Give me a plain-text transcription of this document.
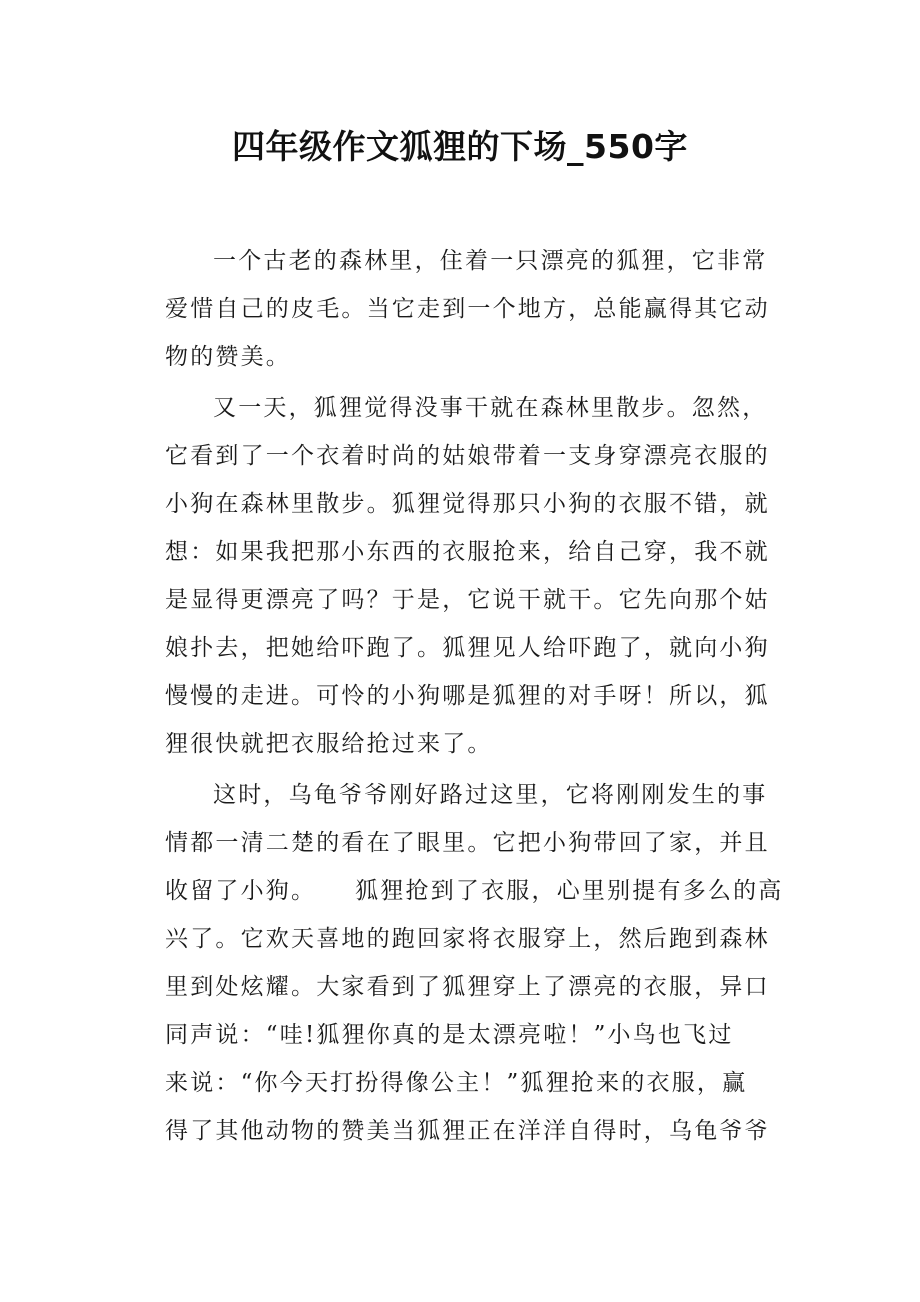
四年级作文狐狸的下场_550字
一个古老的森林里，住着一只漂亮的狐狸，它非常
爱惜自己的皮毛。当它走到一个地方，总能赢得其它动
物的赞美。
又一天，狐狸觉得没事干就在森林里散步。忽然，
它看到了一个衣着时尚的姑娘带着一支身穿漂亮衣服的
小狗在森林里散步。狐狸觉得那只小狗的衣服不错，就
想：如果我把那小东西的衣服抢来，给自己穿，我不就
是显得更漂亮了吗？于是，它说干就干。它先向那个姑
娘扑去，把她给吓跑了。狐狸见人给吓跑了，就向小狗
慢慢的走进。可怜的小狗哪是狐狸的对手呀！所以，狐
狸很快就把衣服给抢过来了。
这时，乌龟爷爷刚好路过这里，它将刚刚发生的事
情都一清二楚的看在了眼里。它把小狗带回了家，并且
收留了小狗。　　狐狸抢到了衣服，心里别提有多么的高
兴了。它欢天喜地的跑回家将衣服穿上，然后跑到森林
里到处炫耀。大家看到了狐狸穿上了漂亮的衣服，异口
同声说：“哇!狐狸你真的是太漂亮啦！”小鸟也飞过
来说：“你今天打扮得像公主！”狐狸抢来的衣服，赢
得了其他动物的赞美当狐狸正在洋洋自得时，乌龟爷爷
